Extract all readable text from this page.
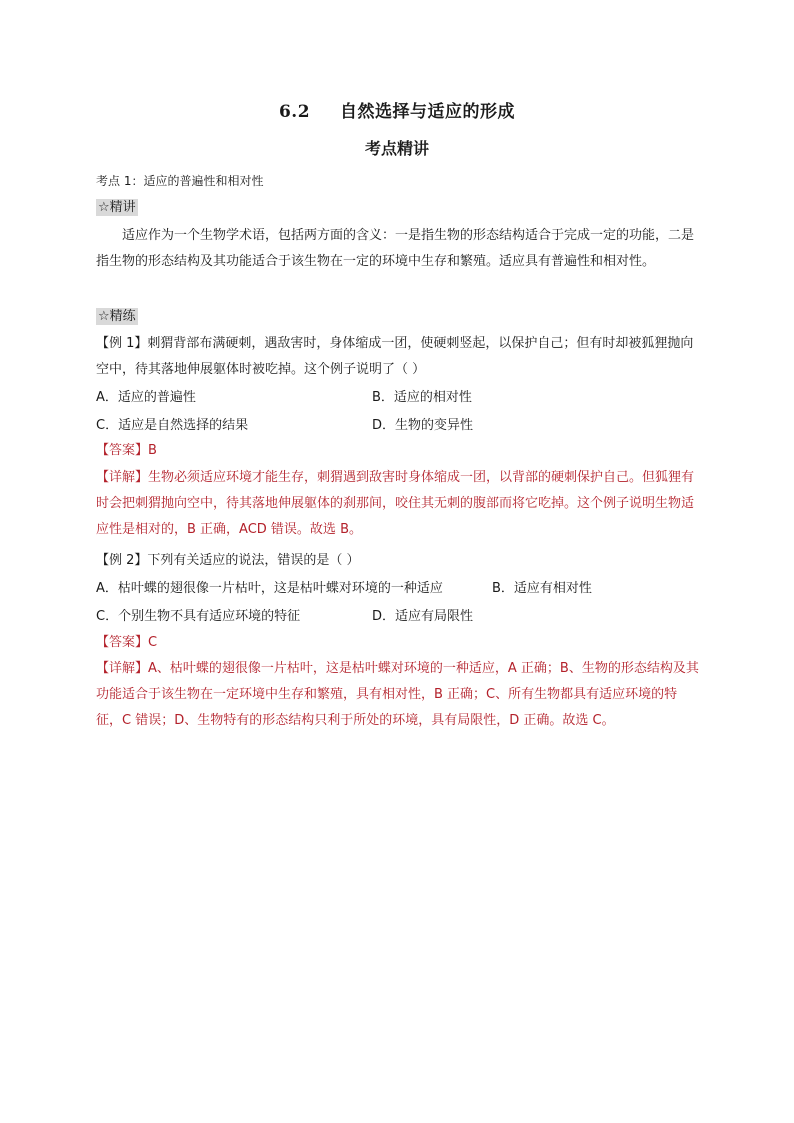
6.2 自然选择与适应的形成
考点精讲
考点 1：适应的普遍性和相对性
☆精讲
适应作为一个生物学术语，包括两方面的含义：一是指生物的形态结构适合于完成一定的功能，二是指生物的形态结构及其功能适合于该生物在一定的环境中生存和繁殖。适应具有普遍性和相对性。
☆精练
【例 1】刺猬背部布满硬刺，遇敌害时，身体缩成一团，使硬刺竖起，以保护自己；但有时却被狐狸抛向空中，待其落地伸展躯体时被吃掉。这个例子说明了（ ）
A．适应的普遍性	B．适应的相对性
C．适应是自然选择的结果	D．生物的变异性
【答案】B
【详解】生物必须适应环境才能生存，刺猬遇到敌害时身体缩成一团，以背部的硬刺保护自己。但狐狸有时会把刺猬抛向空中，待其落地伸展躯体的刹那间，咬住其无刺的腹部而将它吃掉。这个例子说明生物适应性是相对的，B 正确，ACD 错误。故选 B。
【例 2】下列有关适应的说法，错误的是（ ）
A．枯叶蝶的翅很像一片枯叶，这是枯叶蝶对环境的一种适应	B．适应有相对性
C．个别生物不具有适应环境的特征	D．适应有局限性
【答案】C
【详解】A、枯叶蝶的翅很像一片枯叶，这是枯叶蝶对环境的一种适应，A 正确；B、生物的形态结构及其功能适合于该生物在一定环境中生存和繁殖，具有相对性，B 正确；C、所有生物都具有适应环境的特征，C 错误；D、生物特有的形态结构只利于所处的环境，具有局限性，D 正确。故选 C。
